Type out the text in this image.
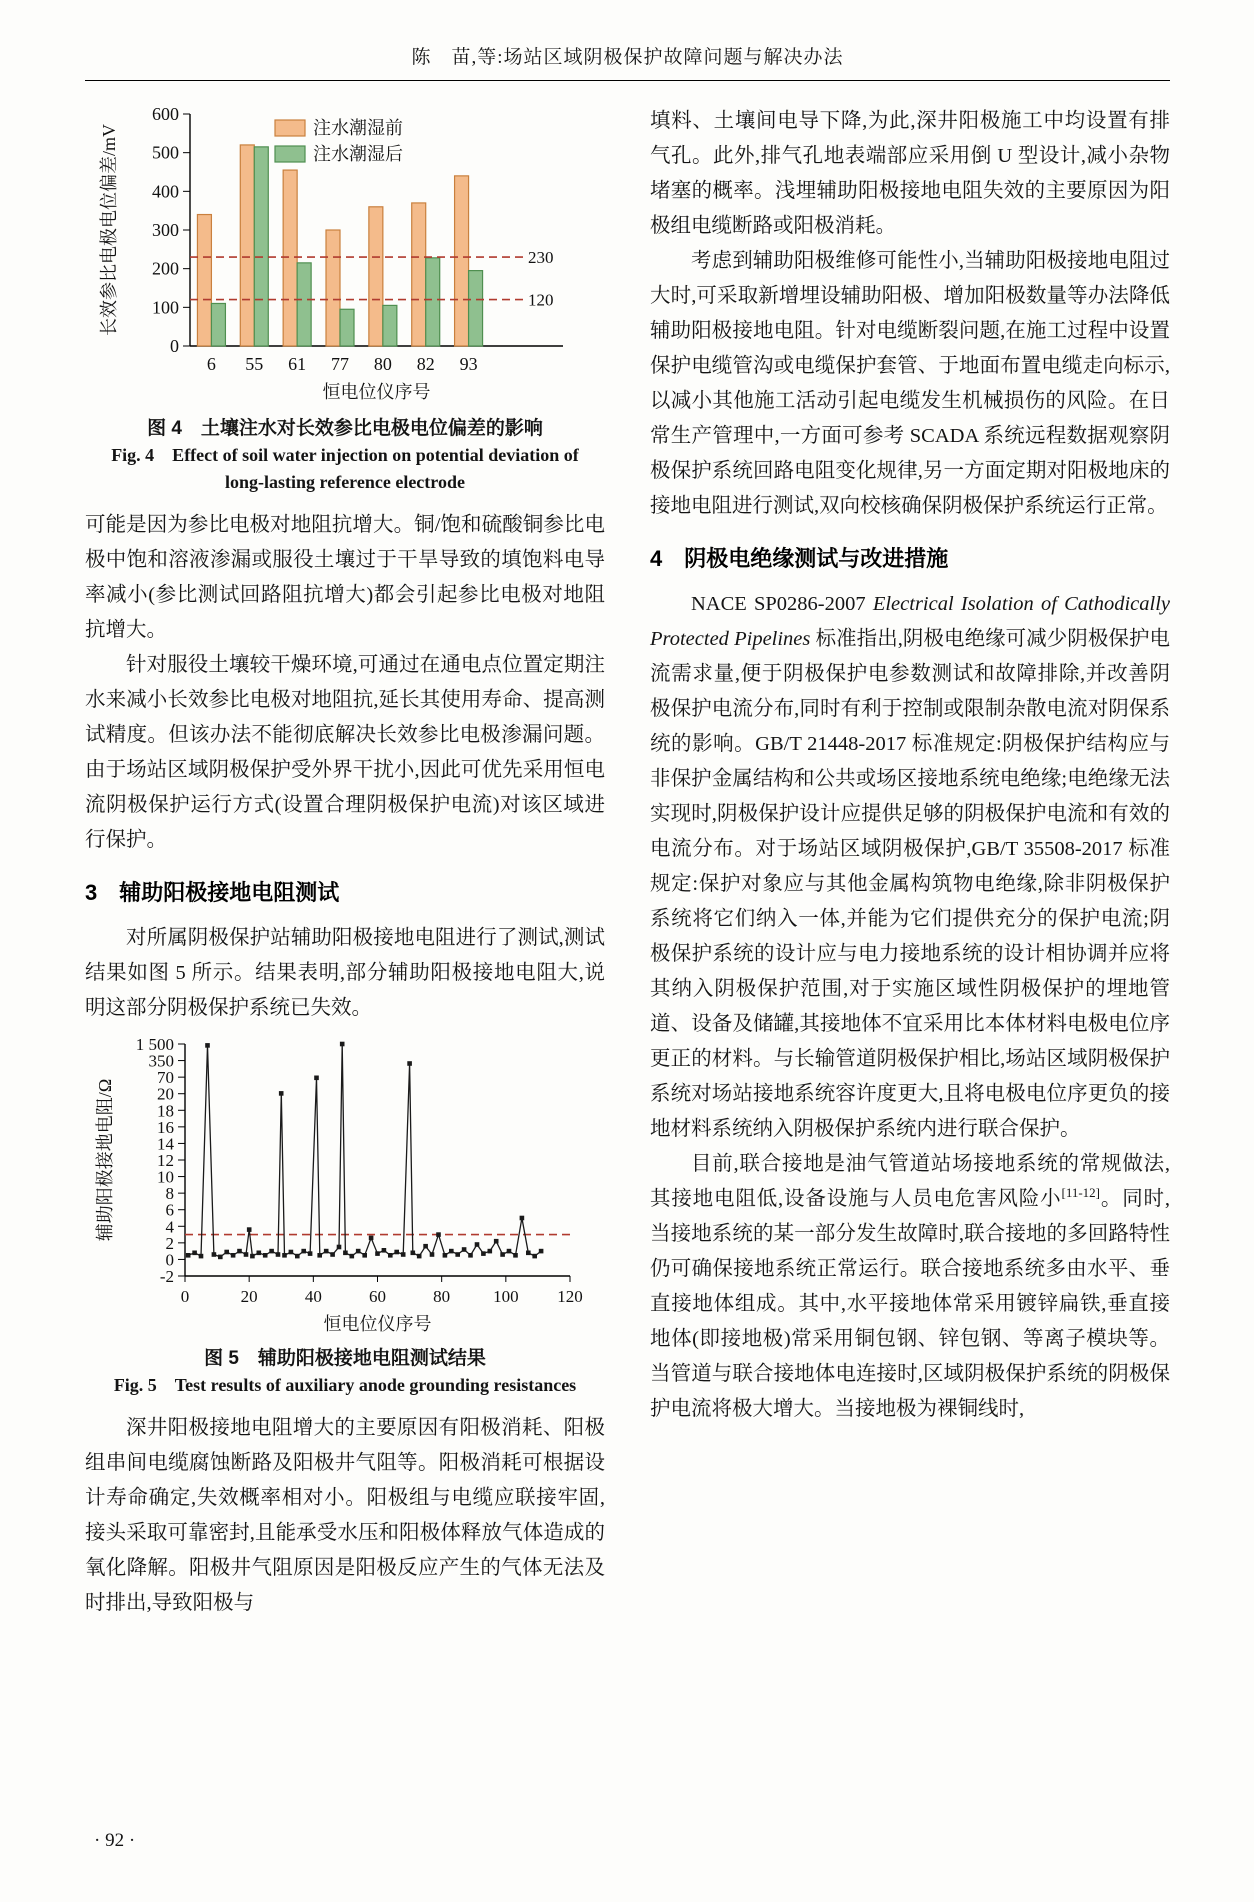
陈　苗,等:场站区域阴极保护故障问题与解决办法
0
100
200
300
400
500
600
6 55 61 77 80 82 93
230
120
注水潮湿前
注水潮湿后
长效参比电极电位偏差/mV
恒电位仪序号
图 4　土壤注水对长效参比电极电位偏差的影响
Fig. 4　Effect of soil water injection on potential deviation of
long-lasting reference electrode

可能是因为参比电极对地阻抗增大。铜/饱和硫酸铜参比电极中饱和溶液渗漏或服役土壤过于干旱导致的填饱料电导率减小(参比测试回路阻抗增大)都会引起参比电极对地阻抗增大。

针对服役土壤较干燥环境,可通过在通电点位置定期注水来减小长效参比电极对地阻抗,延长其使用寿命、提高测试精度。但该办法不能彻底解决长效参比电极渗漏问题。由于场站区域阴极保护受外界干扰小,因此可优先采用恒电流阴极保护运行方式(设置合理阴极保护电流)对该区域进行保护。

3　辅助阳极接地电阻测试

对所属阴极保护站辅助阳极接地电阻进行了测试,测试结果如图 5 所示。结果表明,部分辅助阳极接地电阻大,说明这部分阴极保护系统已失效。

-2
0
2
4
6
8
10
12
14
16
18
20
70
350
1 500
0	20	40	60	80	100 120
辅助阳极接地电阻/Ω
恒电位仪序号
图 5　辅助阳极接地电阻测试结果
Fig. 5　Test results of auxiliary anode grounding resistances

深井阳极接地电阻增大的主要原因有阳极消耗、阳极组串间电缆腐蚀断路及阳极井气阻等。阳极消耗可根据设计寿命确定,失效概率相对小。阳极组与电缆应联接牢固,接头采取可靠密封,且能承受水压和阳极体释放气体造成的氧化降解。阳极井气阻原因是阳极反应产生的气体无法及时排出,导致阳极与

填料、土壤间电导下降,为此,深井阳极施工中均设置有排气孔。此外,排气孔地表端部应采用倒 U 型设计,减小杂物堵塞的概率。浅埋辅助阳极接地电阻失效的主要原因为阳极组电缆断路或阳极消耗。

考虑到辅助阳极维修可能性小,当辅助阳极接地电阻过大时,可采取新增埋设辅助阳极、增加阳极数量等办法降低辅助阳极接地电阻。针对电缆断裂问题,在施工过程中设置保护电缆管沟或电缆保护套管、于地面布置电缆走向标示,以减小其他施工活动引起电缆发生机械损伤的风险。在日常生产管理中,一方面可参考 SCADA 系统远程数据观察阴极保护系统回路电阻变化规律,另一方面定期对阳极地床的接地电阻进行测试,双向校核确保阴极保护系统运行正常。

4　阴极电绝缘测试与改进措施

NACE SP0286-2007 Electrical Isolation of Cathodically Protected Pipelines 标准指出,阴极电绝缘可减少阴极保护电流需求量,便于阴极保护电参数测试和故障排除,并改善阴极保护电流分布,同时有利于控制或限制杂散电流对阴保系统的影响。GB/T 21448-2017 标准规定:阴极保护结构应与非保护金属结构和公共或场区接地系统电绝缘;电绝缘无法实现时,阴极保护设计应提供足够的阴极保护电流和有效的电流分布。对于场站区域阴极保护,GB/T 35508-2017 标准规定:保护对象应与其他金属构筑物电绝缘,除非阴极保护系统将它们纳入一体,并能为它们提供充分的保护电流;阴极保护系统的设计应与电力接地系统的设计相协调并应将其纳入阴极保护范围,对于实施区域性阴极保护的埋地管道、设备及储罐,其接地体不宜采用比本体材料电极电位序更正的材料。与长输管道阴极保护相比,场站区域阴极保护系统对场站接地系统容许度更大,且将电极电位序更负的接地材料系统纳入阴极保护系统内进行联合保护。

目前,联合接地是油气管道站场接地系统的常规做法,其接地电阻低,设备设施与人员电危害风险小[11-12]。同时,当接地系统的某一部分发生故障时,联合接地的多回路特性仍可确保接地系统正常运行。联合接地系统多由水平、垂直接地体组成。其中,水平接地体常采用镀锌扁铁,垂直接地体(即接地极)常采用铜包钢、锌包钢、等离子模块等。当管道与联合接地体电连接时,区域阴极保护系统的阴极保护电流将极大增大。当接地极为裸铜线时,

· 92 ·
